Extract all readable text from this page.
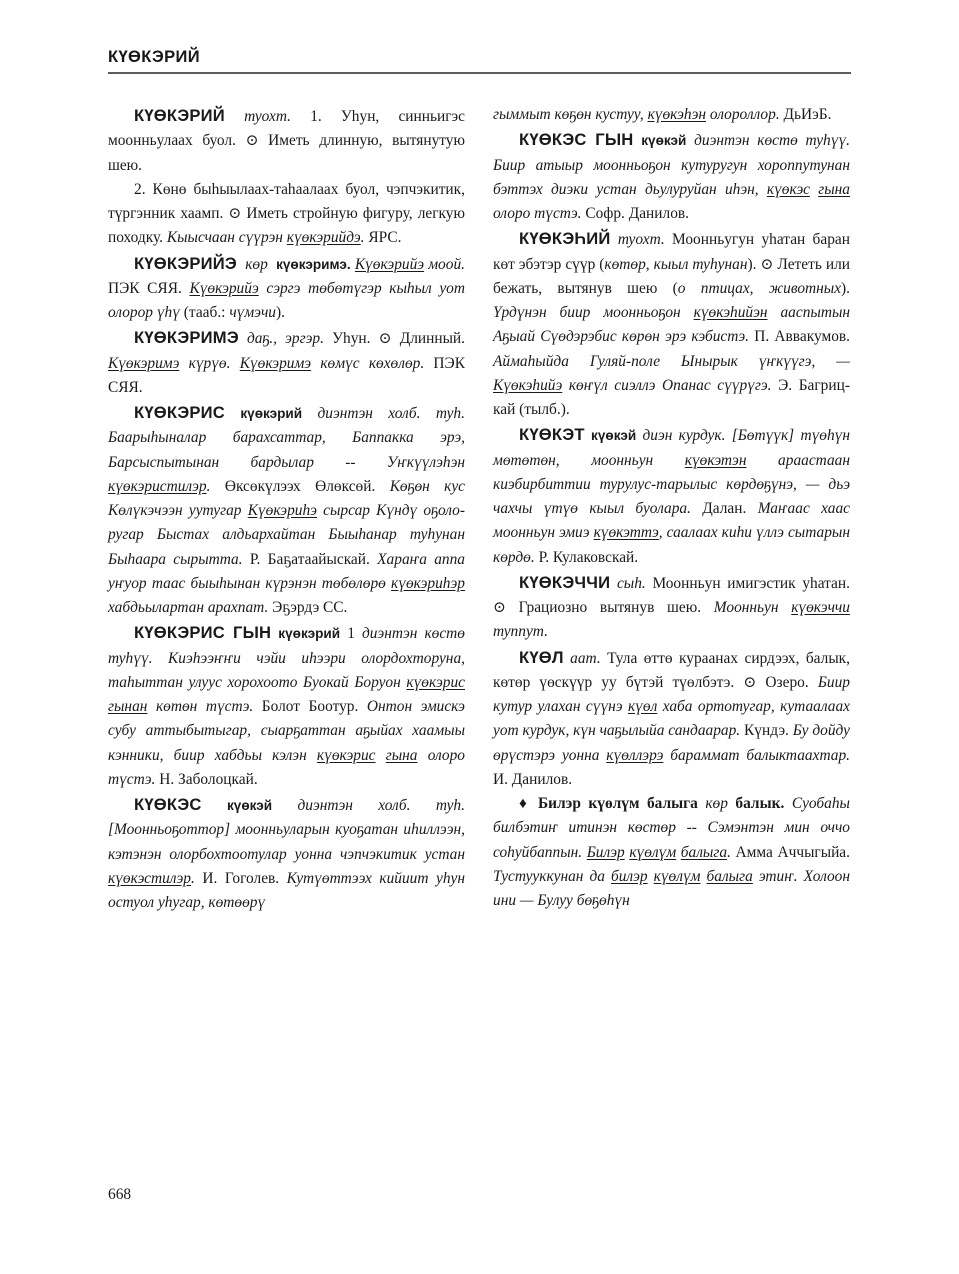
КҮӨКЭРИЙ

КҮӨКЭРИЙ туохт. 1. Уһун, синньигэс моонньулаах буол. ⊙ Иметь длинную, вытянутую шею.

2. Көнө быһыылаах-таһаалаах буол, чэпчэкитик, түргэнник хаамп. ⊙ Иметь стройную фигуру, легкую походку. Кыысчаан сүүрэн күөкэрийдэ. ЯРС.

КҮӨКЭРИЙЭ көр күөкэримэ. Күөкэрийэ моой. ПЭК СЯЯ. Күөкэрийэ сэргэ төбөтүгэр кыһыл уот олорор үһү (тааб.: чүмэчи).

КҮӨКЭРИМЭ даҕ., эргэр. Уһун. ⊙ Длинный. Күөкэримэ күрүө. Күөкэримэ көмүс көхөлөр. ПЭК СЯЯ.

КҮӨКЭРИС күөкэрий диэнтэн холб. туһ. Баарыһыналар барахсаттар, Баппакка эрэ, Барсыспытынан бардылар -- Уҥкүүлэһэн күөкэристилэр. Өксөкүлээх Өлөксөй. Көҕөн кус Көлүкэчээн уутугар Күөкэриһэ сырсар Күндү оҕолоругар Быстах алдьархайтан Быыһанар туһунан Быһаара сырытта. Р. Баҕатаайыскай. Хараҥа аппа уҥуор таас быыһынан күрэнэн төбөлөрө күөкэриһэр хабдьылартан арахпат. Эҕэрдэ СС.

КҮӨКЭРИС ГЫН күөкэрий 1 диэнтэн көстө туһүү. Киэһээҥҥи чэйи иһээри олордохторуна, таһыттан улуус хорохоото Буокай Боруон күөкэрис гынан көтөн түстэ. Болот Боотур. Онтон эмискэ субу аттыбытыгар, сыарҕаттан аҕыйах хаамыы кэнники, биир хабдьы кэлэн күөкэрис гына олоро түстэ. Н. Заболоцкай.

КҮӨКЭС күөкэй диэнтэн холб. туһ. [Моонньоҕоттор] моонньуларын куоҕатан иһиллээн, кэтэнэн олорбохтоотулар уонна чэпчэкитик устан күөкэстилэр. И. Гоголев. Кутүөттээх кийиит уһун остуол уһугар, көтөөрү

гыммыт көҕөн кустуу, күөкэһэн олороллор. ДьИэБ.

КҮӨКЭС ГЫН күөкэй диэнтэн көстө туһүү. Биир атыыр моонньоҕон кутуругун хороппутунан бэттэх диэки устан дьулуруйан иһэн, күөкэс гына олоро түстэ. Софр. Данилов.

КҮӨКЭҺИЙ туохт. Моонньугун уһатан баран көт эбэтэр сүүр (көтөр, кыыл туһунан). ⊙ Лететь или бежать, вытянув шею (о птицах, животных). Үрдүнэн биир моонньоҕон күөкэһийэн ааспытын Аҕыай Сүөдэрэбис көрөн эрэ кэбистэ. П. Аввакумов. Аймаһыйда Гуляй-поле Ынырык үҥкүүгэ, — Күөкэһийэ көҥүл сиэллэ Опанас сүүрүгэ. Э. Багрицкай (тылб.).

КҮӨКЭТ күөкэй диэн курдук. [Бөтүүк] түөһүн мөтөтөн, моонньун күөкэтэн араастаан киэбирбиттии турулус-тарылыс көрдөҕүнэ, — дьэ чахчы үтүө кыыл буолара. Далан. Маҥаас хаас моонньун эмиэ күөкэттэ, саалаах киһи үллэ сытарын көрдө. Р. Кулаковскай.

КҮӨКЭЧЧИ сыһ. Моонньун имигэстик уһатан. ⊙ Грациозно вытянув шею. Моонньун күөкэччи туппут.

КҮӨЛ аат. Тула өттө кураанах сирдээх, балык, көтөр үөскүүр уу бүтэй түөлбэтэ. ⊙ Озеро. Биир кутур улахан сүүнэ күөл хаба ортотугар, кутаалаах уот курдук, күн чаҕылыйа сандаарар. Күндэ. Бу дойду өрүстэрэ уонна күөллэрэ бараммат балыктаахтар. И. Данилов.

♦ Билэр күөлүм балыга көр балык. Суобаһы билбэтиҥ итинэн көстөр -- Сэмэнтэн мин оччо соһуйбаппын. Билэр күөлүм балыга. Амма Аччыгыйа. Тустууккунан да билэр күөлүм балыга этиҥ. Холоон ини — Булуу бөҕөһүн

668
